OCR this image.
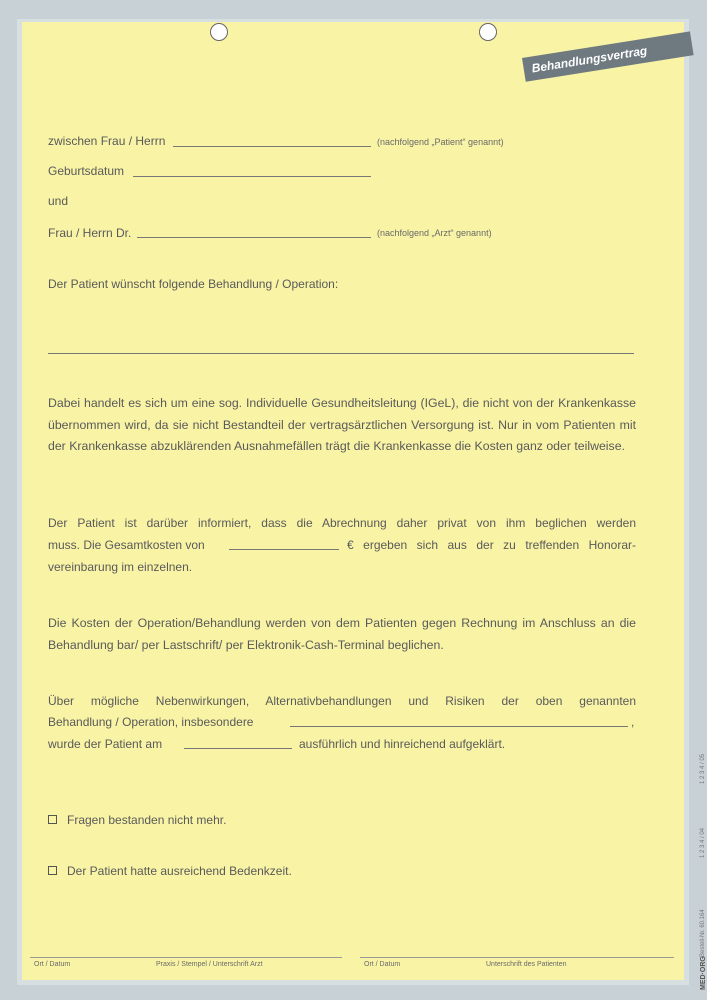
Behandlungsvertrag
zwischen Frau / Herrn	(nachfolgend „Patient“ genannt)
Geburtsdatum
und
Frau / Herrn Dr.	(nachfolgend „Arzt“ genannt)
Der Patient wünscht folgende Behandlung / Operation:
Dabei handelt es sich um eine sog. Individuelle Gesundheitsleitung (IGeL), die nicht von der Krankenkasse übernommen wird, da sie nicht Bestandteil der vertragsärztlichen Versorgung ist. Nur in vom Patienten mit der Krankenkasse abzuklärenden Ausnahmefällen trägt die Krankenkasse die Kosten ganz oder teilweise.
Der Patient ist darüber informiert, dass die Abrechnung daher privat von ihm beglichen werden
muss. Die Gesamtkosten von	€ ergeben sich aus der zu treffenden Honorar-
vereinbarung im einzelnen.
Die Kosten der Operation/Behandlung werden von dem Patienten gegen Rechnung im Anschluss an die Behandlung bar/ per Lastschrift/ per Elektronik-Cash-Terminal beglichen.
Über mögliche Nebenwirkungen, Alternativbehandlungen und Risiken der oben genannten
Behandlung / Operation, insbesondere	,
wurde der Patient am	ausführlich und hinreichend aufgeklärt.
Fragen bestanden nicht mehr.
Der Patient hatte ausreichend Bedenkzeit.
Ort / Datum	Praxis / Stempel / Unterschrift Arzt	Ort / Datum	Unterschrift des Patienten	MED·ORG
Bestell-Nr. 60.164
1 2 3 4 / 04
1 2 3 4 / 05
